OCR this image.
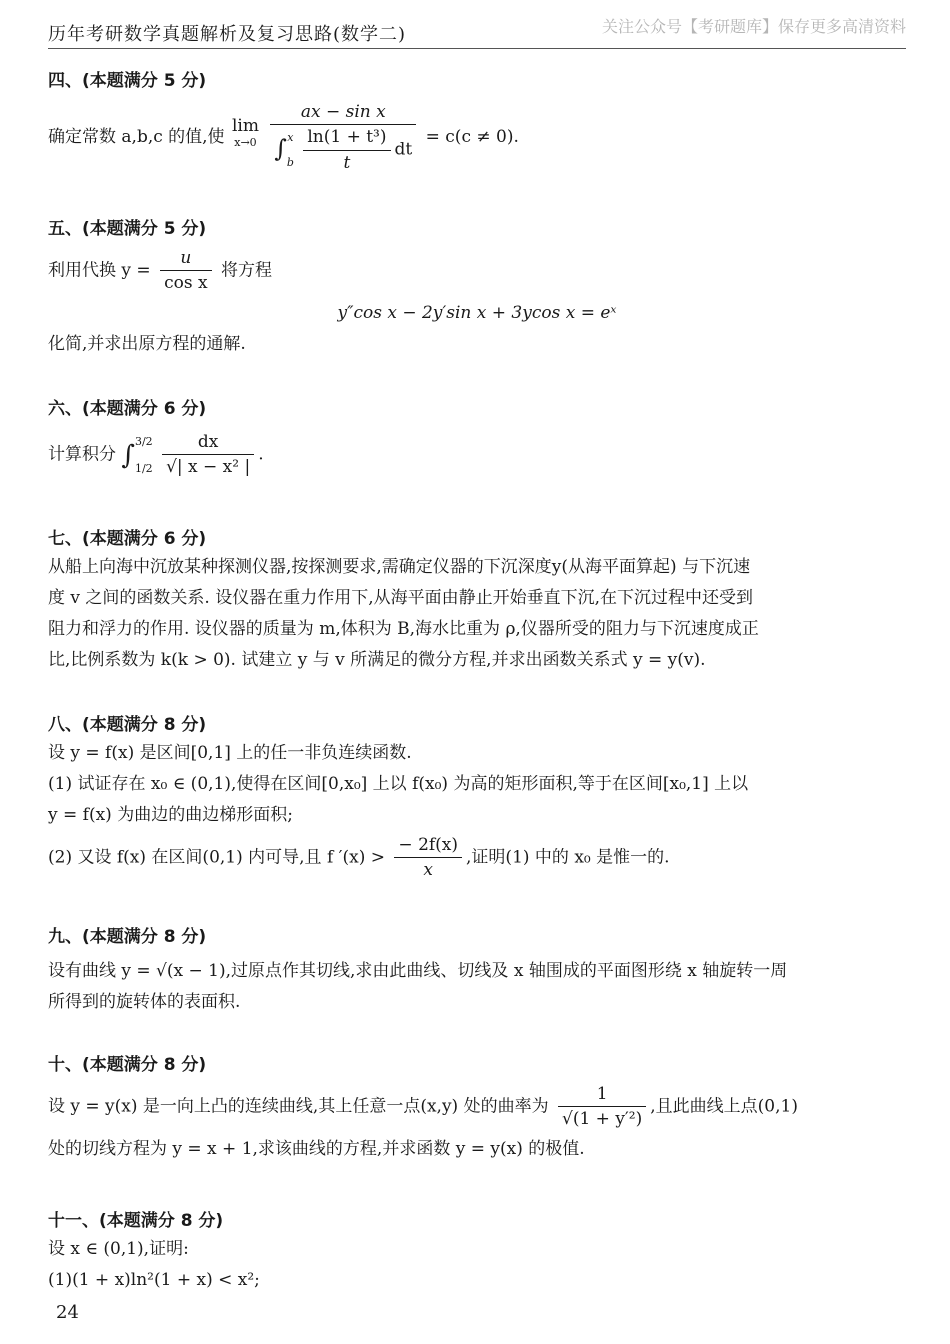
历年考研数学真题解析及复习思路(数学二)	关注公众号【考研题库】保存更多高清资料
四、(本题满分 5 分)
确定常数 a,b,c 的值,使
lim
x→0
ax − sin x
∫ x
b
$\frac{\text{ln(1 + t³)}}{t}$ dt = c(c ≠ 0).
五、(本题满分 5 分)
利用代换 $y = \frac{u}{\text{cos x}}$ 将方程
y″cos x − 2y′sin x + 3ycos x = eˣ
化简,并求出原方程的通解.
六、(本题满分 6 分)
计算积分 ∫ 3/2
1/2
$\frac{dx}{\text{√| x − x² |}}$ .
七、(本题满分 6 分)
从船上向海中沉放某种探测仪器,按探测要求,需确定仪器的下沉深度y(从海平面算起) 与下沉速
度 v 之间的函数关系. 设仪器在重力作用下,从海平面由静止开始垂直下沉,在下沉过程中还受到
阻力和浮力的作用. 设仪器的质量为 m,体积为 B,海水比重为 ρ,仪器所受的阻力与下沉速度成正
比,比例系数为 k(k > 0). 试建立 y 与 v 所满足的微分方程,并求出函数关系式 y = y(v).
八、(本题满分 8 分)
设 y = f(x) 是区间[0,1] 上的任一非负连续函数.
(1) 试证存在 x₀ ∈ (0,1),使得在区间[0,x₀] 上以 f(x₀) 为高的矩形面积,等于在区间[x₀,1] 上以
y = f(x) 为曲边的曲边梯形面积;
(2) 又设 f(x) 在区间(0,1) 内可导,且 f $'(x) > \frac{- 2f(x)}{x}$ ,证明(1) 中的 x₀ 是惟一的.
九、(本题满分 8 分)
设有曲线 y = √(x − 1),过原点作其切线,求由此曲线、切线及 x 轴围成的平面图形绕 x 轴旋转一周
所得到的旋转体的表面积.
十、(本题满分 8 分)
设 y = y(x) 是一向上凸的连续曲线,其上任意一点(x,y) 处的曲率为 $\frac{1}{\text{√(1 + y′²)}}$ ,且此曲线上点(0,1)
处的切线方程为 y = x + 1,求该曲线的方程,并求函数 y = y(x) 的极值.
十一、(本题满分 8 分)
设 x ∈ (0,1),证明:
(1)(1 + x)ln²(1 + x) < x²;
24
